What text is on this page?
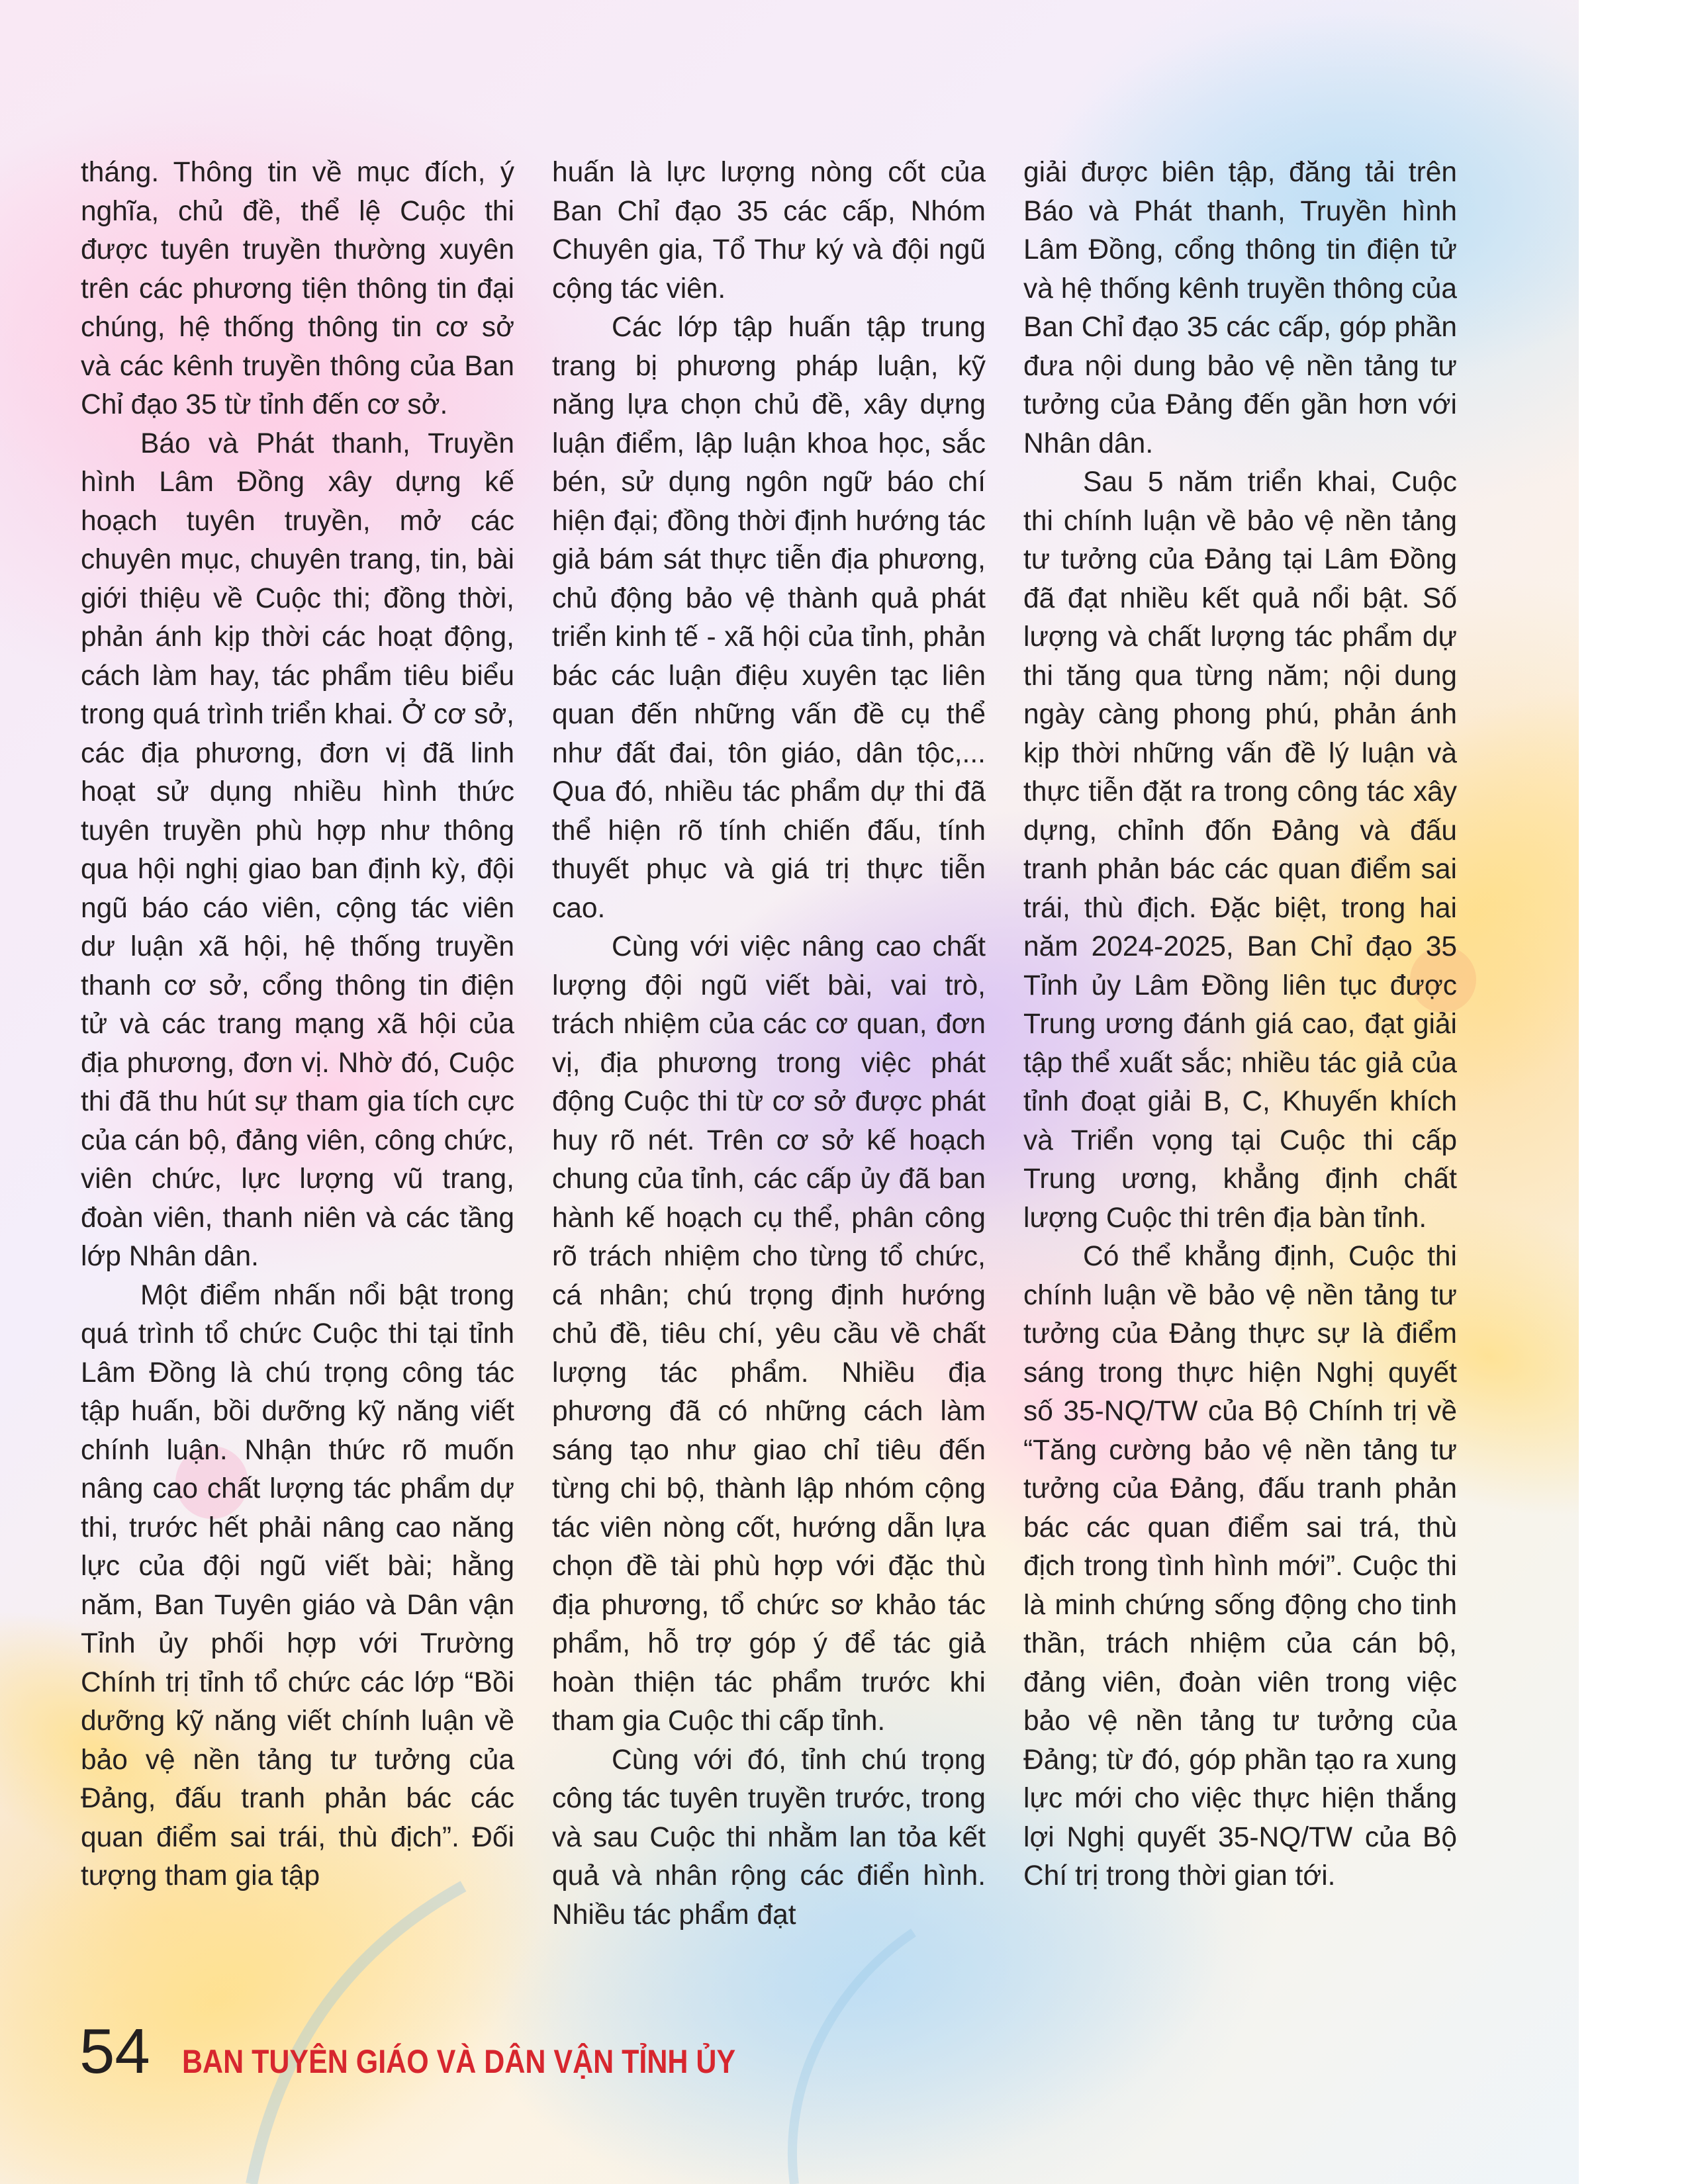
tháng. Thông tin về mục đích, ý nghĩa, chủ đề, thể lệ Cuộc thi được tuyên truyền thường xuyên trên các phương tiện thông tin đại chúng, hệ thống thông tin cơ sở và các kênh truyền thông của Ban Chỉ đạo 35 từ tỉnh đến cơ sở.

Báo và Phát thanh, Truyền hình Lâm Đồng xây dựng kế hoạch tuyên truyền, mở các chuyên mục, chuyên trang, tin, bài giới thiệu về Cuộc thi; đồng thời, phản ánh kịp thời các hoạt động, cách làm hay, tác phẩm tiêu biểu trong quá trình triển khai. Ở cơ sở, các địa phương, đơn vị đã linh hoạt sử dụng nhiều hình thức tuyên truyền phù hợp như thông qua hội nghị giao ban định kỳ, đội ngũ báo cáo viên, cộng tác viên dư luận xã hội, hệ thống truyền thanh cơ sở, cổng thông tin điện tử và các trang mạng xã hội của địa phương, đơn vị. Nhờ đó, Cuộc thi đã thu hút sự tham gia tích cực của cán bộ, đảng viên, công chức, viên chức, lực lượng vũ trang, đoàn viên, thanh niên và các tầng lớp Nhân dân.

Một điểm nhấn nổi bật trong quá trình tổ chức Cuộc thi tại tỉnh Lâm Đồng là chú trọng công tác tập huấn, bồi dưỡng kỹ năng viết chính luận. Nhận thức rõ muốn nâng cao chất lượng tác phẩm dự thi, trước hết phải nâng cao năng lực của đội ngũ viết bài; hằng năm, Ban Tuyên giáo và Dân vận Tỉnh ủy phối hợp với Trường Chính trị tỉnh tổ chức các lớp “Bồi dưỡng kỹ năng viết chính luận về bảo vệ nền tảng tư tưởng của Đảng, đấu tranh phản bác các quan điểm sai trái, thù địch”. Đối tượng tham gia tập

huấn là lực lượng nòng cốt của Ban Chỉ đạo 35 các cấp, Nhóm Chuyên gia, Tổ Thư ký và đội ngũ cộng tác viên.

Các lớp tập huấn tập trung trang bị phương pháp luận, kỹ năng lựa chọn chủ đề, xây dựng luận điểm, lập luận khoa học, sắc bén, sử dụng ngôn ngữ báo chí hiện đại; đồng thời định hướng tác giả bám sát thực tiễn địa phương, chủ động bảo vệ thành quả phát triển kinh tế - xã hội của tỉnh, phản bác các luận điệu xuyên tạc liên quan đến những vấn đề cụ thể như đất đai, tôn giáo, dân tộc,... Qua đó, nhiều tác phẩm dự thi đã thể hiện rõ tính chiến đấu, tính thuyết phục và giá trị thực tiễn cao.

Cùng với việc nâng cao chất lượng đội ngũ viết bài, vai trò, trách nhiệm của các cơ quan, đơn vị, địa phương trong việc phát động Cuộc thi từ cơ sở được phát huy rõ nét. Trên cơ sở kế hoạch chung của tỉnh, các cấp ủy đã ban hành kế hoạch cụ thể, phân công rõ trách nhiệm cho từng tổ chức, cá nhân; chú trọng định hướng chủ đề, tiêu chí, yêu cầu về chất lượng tác phẩm. Nhiều địa phương đã có những cách làm sáng tạo như giao chỉ tiêu đến từng chi bộ, thành lập nhóm cộng tác viên nòng cốt, hướng dẫn lựa chọn đề tài phù hợp với đặc thù địa phương, tổ chức sơ khảo tác phẩm, hỗ trợ góp ý để tác giả hoàn thiện tác phẩm trước khi tham gia Cuộc thi cấp tỉnh.

Cùng với đó, tỉnh chú trọng công tác tuyên truyền trước, trong và sau Cuộc thi nhằm lan tỏa kết quả và nhân rộng các điển hình. Nhiều tác phẩm đạt

giải được biên tập, đăng tải trên Báo và Phát thanh, Truyền hình Lâm Đồng, cổng thông tin điện tử và hệ thống kênh truyền thông của Ban Chỉ đạo 35 các cấp, góp phần đưa nội dung bảo vệ nền tảng tư tưởng của Đảng đến gần hơn với Nhân dân.

Sau 5 năm triển khai, Cuộc thi chính luận về bảo vệ nền tảng tư tưởng của Đảng tại Lâm Đồng đã đạt nhiều kết quả nổi bật. Số lượng và chất lượng tác phẩm dự thi tăng qua từng năm; nội dung ngày càng phong phú, phản ánh kịp thời những vấn đề lý luận và thực tiễn đặt ra trong công tác xây dựng, chỉnh đốn Đảng và đấu tranh phản bác các quan điểm sai trái, thù địch. Đặc biệt, trong hai năm 2024-2025, Ban Chỉ đạo 35 Tỉnh ủy Lâm Đồng liên tục được Trung ương đánh giá cao, đạt giải tập thể xuất sắc; nhiều tác giả của tỉnh đoạt giải B, C, Khuyến khích và Triển vọng tại Cuộc thi cấp Trung ương, khẳng định chất lượng Cuộc thi trên địa bàn tỉnh.

Có thể khẳng định, Cuộc thi chính luận về bảo vệ nền tảng tư tưởng của Đảng thực sự là điểm sáng trong thực hiện Nghị quyết số 35-NQ/TW của Bộ Chính trị về “Tăng cường bảo vệ nền tảng tư tưởng của Đảng, đấu tranh phản bác các quan điểm sai trá, thù địch trong tình hình mới”. Cuộc thi là minh chứng sống động cho tinh thần, trách nhiệm của cán bộ, đảng viên, đoàn viên trong việc bảo vệ nền tảng tư tưởng của Đảng; từ đó, góp phần tạo ra xung lực mới cho việc thực hiện thắng lợi Nghị quyết 35-NQ/TW của Bộ Chí trị trong thời gian tới.

54 BAN TUYÊN GIÁO VÀ DÂN VẬN TỈNH ỦY
